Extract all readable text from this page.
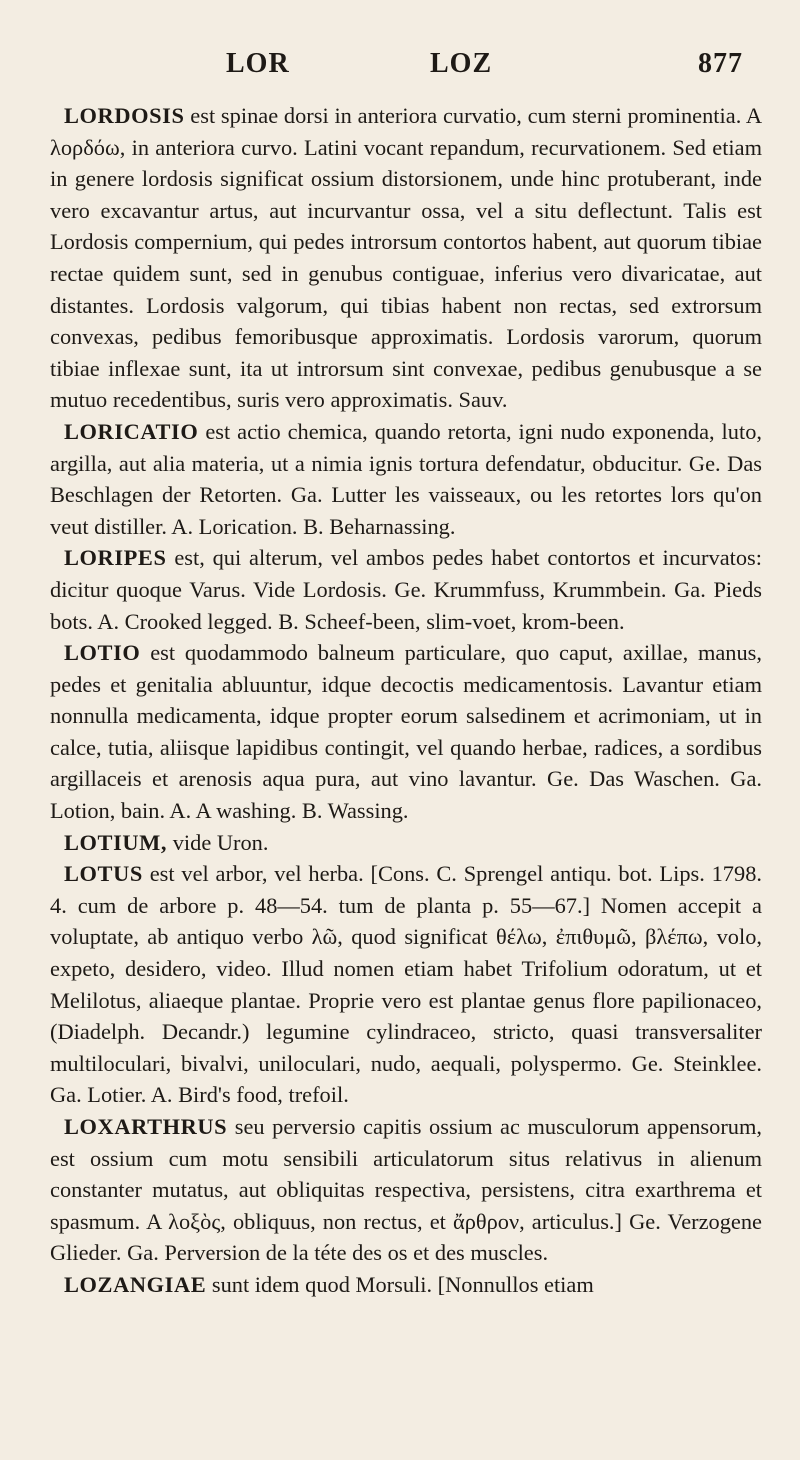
LOR	LOZ	877

LORDOSIS est spinae dorsi in anteriora curvatio, cum sterni prominentia. A λορδόω, in anteriora curvo. Latini vocant repandum, recurvationem. Sed etiam in genere lordosis significat ossium distorsionem, unde hinc protuberant, inde vero excavantur artus, aut incurvantur ossa, vel a situ deflectunt. Talis est Lordosis compernium, qui pedes introrsum contortos habent, aut quorum tibiae rectae quidem sunt, sed in genubus contiguae, inferius vero divaricatae, aut distantes. Lordosis valgorum, qui tibias habent non rectas, sed extrorsum convexas, pedibus femoribusque approximatis. Lordosis varorum, quorum tibiae inflexae sunt, ita ut introrsum sint convexae, pedibus genubusque a se mutuo recedentibus, suris vero approximatis. Sauv.

LORICATIO est actio chemica, quando retorta, igni nudo exponenda, luto, argilla, aut alia materia, ut a nimia ignis tortura defendatur, obducitur. Ge. Das Beschlagen der Retorten. Ga. Lutter les vaisseaux, ou les retortes lors qu'on veut distiller. A. Lorication. B. Beharnassing.

LORIPES est, qui alterum, vel ambos pedes habet contortos et incurvatos: dicitur quoque Varus. Vide Lordosis. Ge. Krummfuss, Krummbein. Ga. Pieds bots. A. Crooked legged. B. Scheef-been, slim-voet, krom-been.

LOTIO est quodammodo balneum particulare, quo caput, axillae, manus, pedes et genitalia abluuntur, idque decoctis medicamentosis. Lavantur etiam nonnulla medicamenta, idque propter eorum salsedinem et acrimoniam, ut in calce, tutia, aliisque lapidibus contingit, vel quando herbae, radices, a sordibus argillaceis et arenosis aqua pura, aut vino lavantur. Ge. Das Waschen. Ga. Lotion, bain. A. A washing. B. Wassing.

LOTIUM, vide Uron.

LOTUS est vel arbor, vel herba. [Cons. C. Sprengel antiqu. bot. Lips. 1798. 4. cum de arbore p. 48—54. tum de planta p. 55—67.] Nomen accepit a voluptate, ab antiquo verbo λῶ, quod significat θέλω, ἐπιθυμῶ, βλέπω, volo, expeto, desidero, video. Illud nomen etiam habet Trifolium odoratum, ut et Melilotus, aliaeque plantae. Proprie vero est plantae genus flore papilionaceo, (Diadelph. Decandr.) legumine cylindraceo, stricto, quasi transversaliter multiloculari, bivalvi, uniloculari, nudo, aequali, polyspermo. Ge. Steinklee. Ga. Lotier. A. Bird's food, trefoil.

LOXARTHRUS seu perversio capitis ossium ac musculorum appensorum, est ossium cum motu sensibili articulatorum situs relativus in alienum constanter mutatus, aut obliquitas respectiva, persistens, citra exarthrema et spasmum. A λοξὸς, obliquus, non rectus, et ἄρθρον, articulus.] Ge. Verzogene Glieder. Ga. Perversion de la téte des os et des muscles.

LOZANGIAE sunt idem quod Morsuli. [Nonnullos etiam
